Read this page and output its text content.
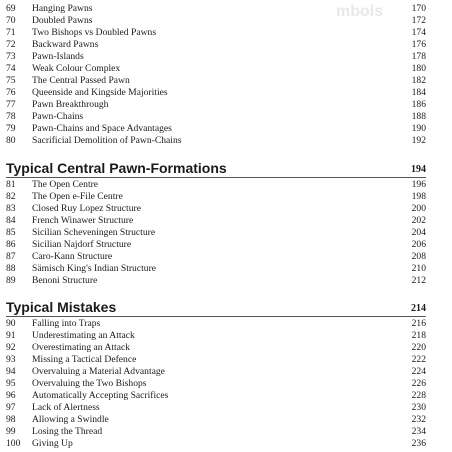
mbols
69	Hanging Pawns	170
70	Doubled Pawns	172
71	Two Bishops vs Doubled Pawns	174
72	Backward Pawns	176
73	Pawn-Islands	178
74	Weak Colour Complex	180
75	The Central Passed Pawn	182
76	Queenside and Kingside Majorities	184
77	Pawn Breakthrough	186
78	Pawn-Chains	188
79	Pawn-Chains and Space Advantages	190
80	Sacrificial Demolition of Pawn-Chains	192
Typical Central Pawn-Formations	194
81	The Open Centre	196
82	The Open e-File Centre	198
83	Closed Ruy Lopez Structure	200
84	French Winawer Structure	202
85	Sicilian Scheveningen Structure	204
86	Sicilian Najdorf Structure	206
87	Caro-Kann Structure	208
88	Sämisch King's Indian Structure	210
89	Benoni Structure	212
Typical Mistakes	214
90	Falling into Traps	216
91	Underestimating an Attack	218
92	Overestimating an Attack	220
93	Missing a Tactical Defence	222
94	Overvaluing a Material Advantage	224
95	Overvaluing the Two Bishops	226
96	Automatically Accepting Sacrifices	228
97	Lack of Alertness	230
98	Allowing a Swindle	232
99	Losing the Thread	234
100	Giving Up	236
